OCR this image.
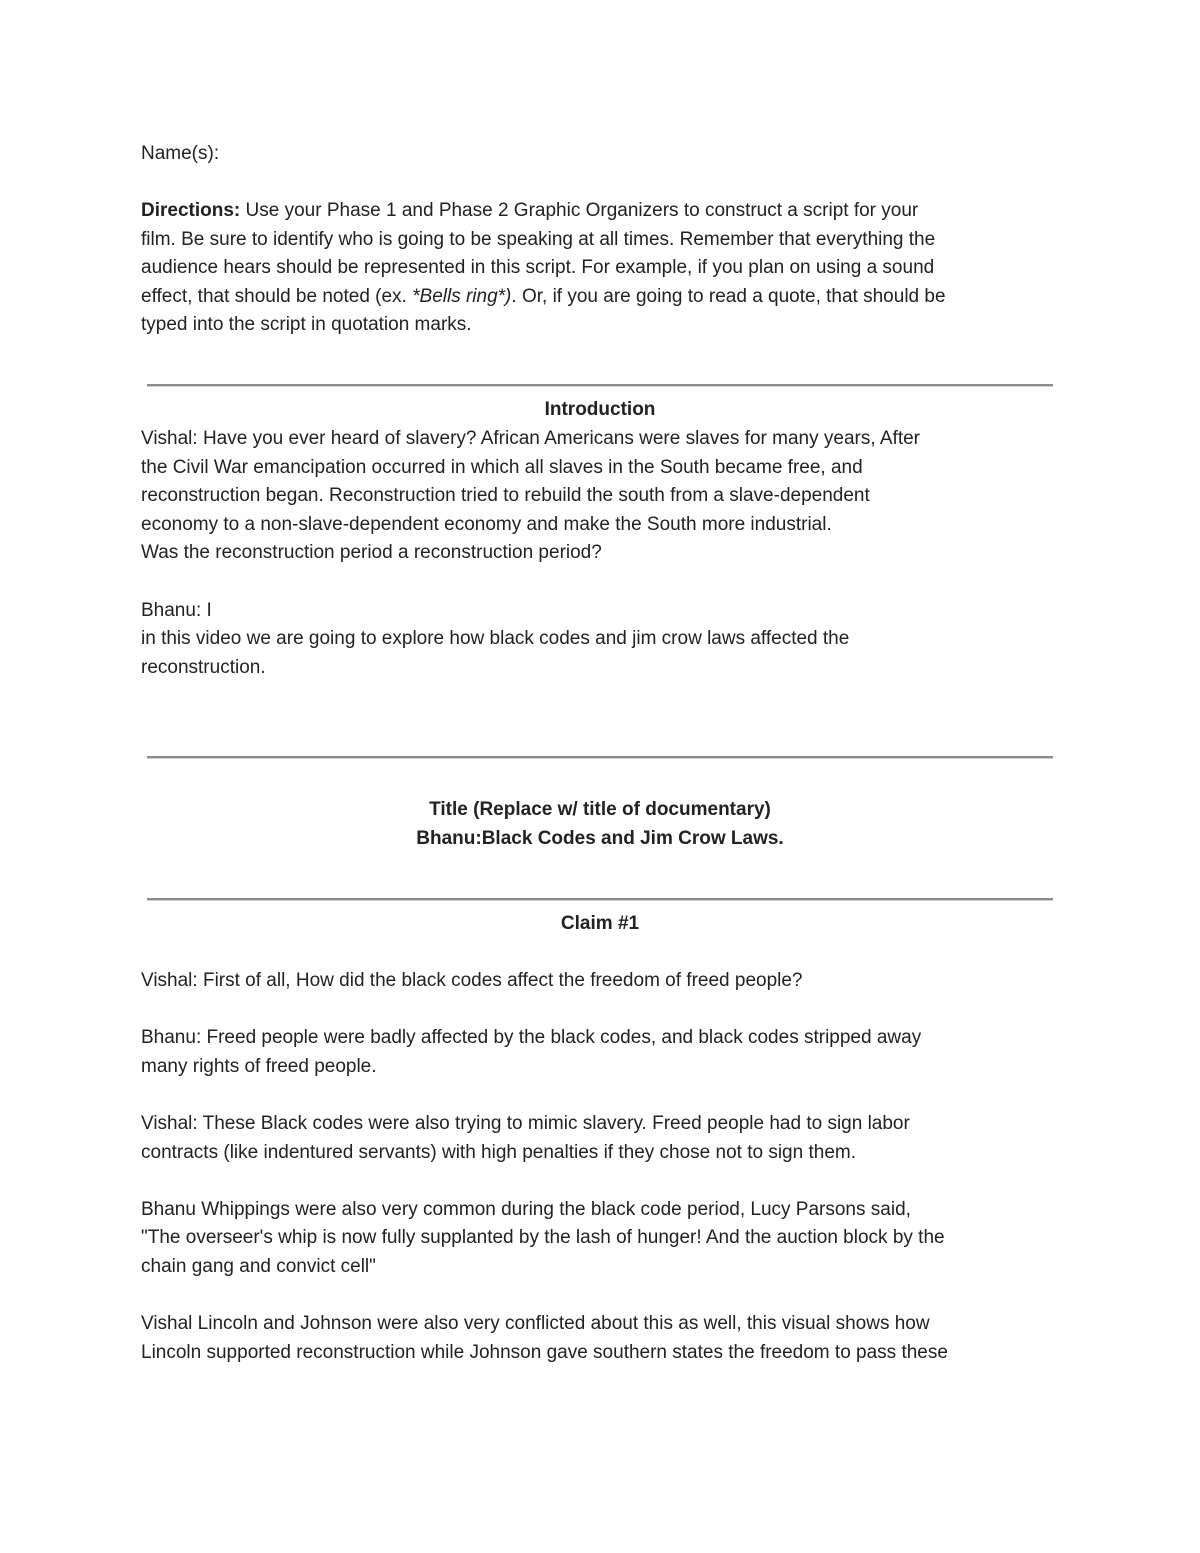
Name(s):
Directions: Use your Phase 1 and Phase 2 Graphic Organizers to construct a script for your
film. Be sure to identify who is going to be speaking at all times. Remember that everything the
audience hears should be represented in this script. For example, if you plan on using a sound
effect, that should be noted (ex. *Bells ring*). Or, if you are going to read a quote, that should be
typed into the script in quotation marks.
Introduction
Vishal: Have you ever heard of slavery? African Americans were slaves for many years, After
the Civil War emancipation occurred in which all slaves in the South became free, and
reconstruction began. Reconstruction tried to rebuild the south from a slave-dependent
economy to a non-slave-dependent economy and make the South more industrial.
Was the reconstruction period a reconstruction period?
Bhanu: I
in this video we are going to explore how black codes and jim crow laws affected the
reconstruction.
Title (Replace w/ title of documentary)
Bhanu:Black Codes and Jim Crow Laws.
Claim #1
Vishal: First of all, How did the black codes affect the freedom of freed people?
Bhanu: Freed people were badly affected by the black codes, and black codes stripped away
many rights of freed people.
Vishal: These Black codes were also trying to mimic slavery. Freed people had to sign labor
contracts (like indentured servants) with high penalties if they chose not to sign them.
Bhanu Whippings were also very common during the black code period, Lucy Parsons said,
"The overseer's whip is now fully supplanted by the lash of hunger! And the auction block by the
chain gang and convict cell"
Vishal Lincoln and Johnson were also very conflicted about this as well, this visual shows how
Lincoln supported reconstruction while Johnson gave southern states the freedom to pass these
